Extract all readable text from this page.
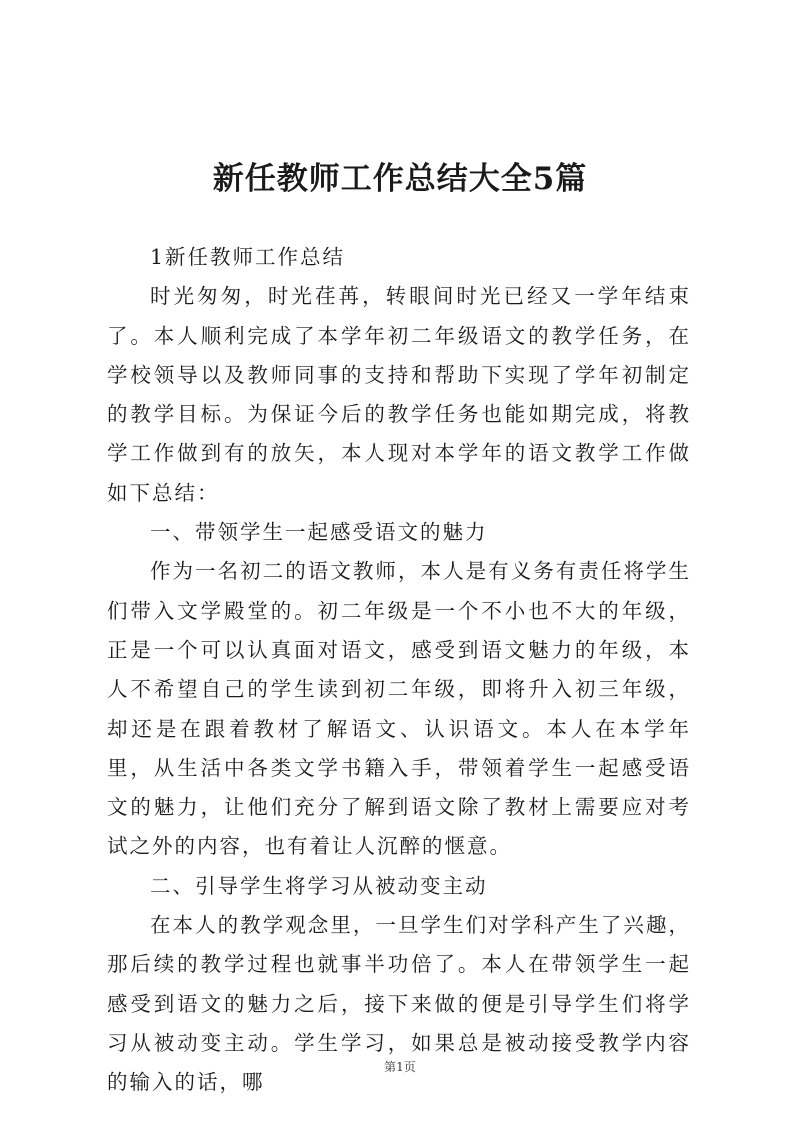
新任教师工作总结大全5篇

1新任教师工作总结

时光匆匆，时光荏苒，转眼间时光已经又一学年结束了。本人顺利完成了本学年初二年级语文的教学任务，在学校领导以及教师同事的支持和帮助下实现了学年初制定的教学目标。为保证今后的教学任务也能如期完成，将教学工作做到有的放矢，本人现对本学年的语文教学工作做如下总结：

一、带领学生一起感受语文的魅力

作为一名初二的语文教师，本人是有义务有责任将学生们带入文学殿堂的。初二年级是一个不小也不大的年级，正是一个可以认真面对语文，感受到语文魅力的年级，本人不希望自己的学生读到初二年级，即将升入初三年级，却还是在跟着教材了解语文、认识语文。本人在本学年里，从生活中各类文学书籍入手，带领着学生一起感受语文的魅力，让他们充分了解到语文除了教材上需要应对考试之外的内容，也有着让人沉醉的惬意。

二、引导学生将学习从被动变主动

在本人的教学观念里，一旦学生们对学科产生了兴趣，那后续的教学过程也就事半功倍了。本人在带领学生一起感受到语文的魅力之后，接下来做的便是引导学生们将学习从被动变主动。学生学习，如果总是被动接受教学内容的输入的话，哪

第1页
